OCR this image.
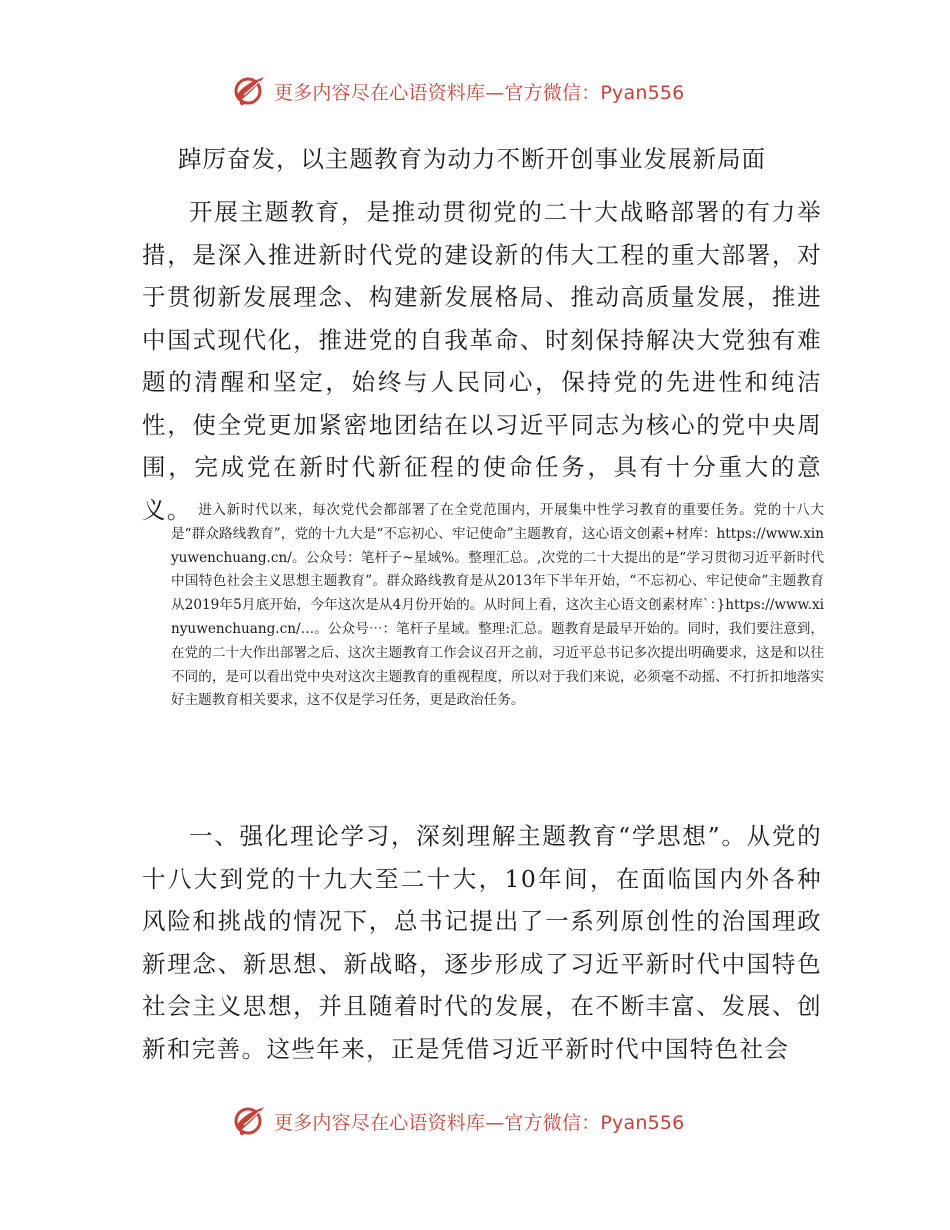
更多内容尽在心语资料库—官方微信：Pyan556
踔厉奋发，以主题教育为动力不断开创事业发展新局面

开展主题教育，是推动贯彻党的二十大战略部署的有力举措，是深入推进新时代党的建设新的伟大工程的重大部署，对于贯彻新发展理念、构建新发展格局、推动高质量发展，推进中国式现代化，推进党的自我革命、时刻保持解决大党独有难题的清醒和坚定，始终与人民同心，保持党的先进性和纯洁性，使全党更加紧密地团结在以习近平同志为核心的党中央周围，完成党在新时代新征程的使命任务，具有十分重大的意义。 进入新时代以来，每次党代会都部署了在全党范围内，开展集中性学习教育的重要任务。党的十八大是“群众路线教育”，党的十九大是“不忘初心、牢记使命”主题教育，这心语文创素+材库：https://www.xinyuwenchuang.cn/。公众号：笔杆子~星域%。整理汇总。,次党的二十大提出的是“学习贯彻习近平新时代中国特色社会主义思想主题教育”。群众路线教育是从2013年下半年开始，“不忘初心、牢记使命”主题教育从2019年5月底开始，今年这次是从4月份开始的。从时间上看，这次主心语文创素材库`：}https://www.xinyuwenchuang.cn/…。公众号⋯：笔杆子星域。整理:汇总。题教育是最早开始的。同时，我们要注意到，在党的二十大作出部署之后、这次主题教育工作会议召开之前，习近平总书记多次提出明确要求，这是和以往不同的，是可以看出党中央对这次主题教育的重视程度，所以对于我们来说，必须毫不动摇、不打折扣地落实好主题教育相关要求，这不仅是学习任务，更是政治任务。

一、强化理论学习，深刻理解主题教育“学思想”。从党的十八大到党的十九大至二十大，10年间，在面临国内外各种风险和挑战的情况下，总书记提出了一系列原创性的治国理政新理念、新思想、新战略，逐步形成了习近平新时代中国特色社会主义思想，并且随着时代的发展，在不断丰富、发展、创新和完善。这些年来，正是凭借习近平新时代中国特色社会

更多内容尽在心语资料库—官方微信：Pyan556
